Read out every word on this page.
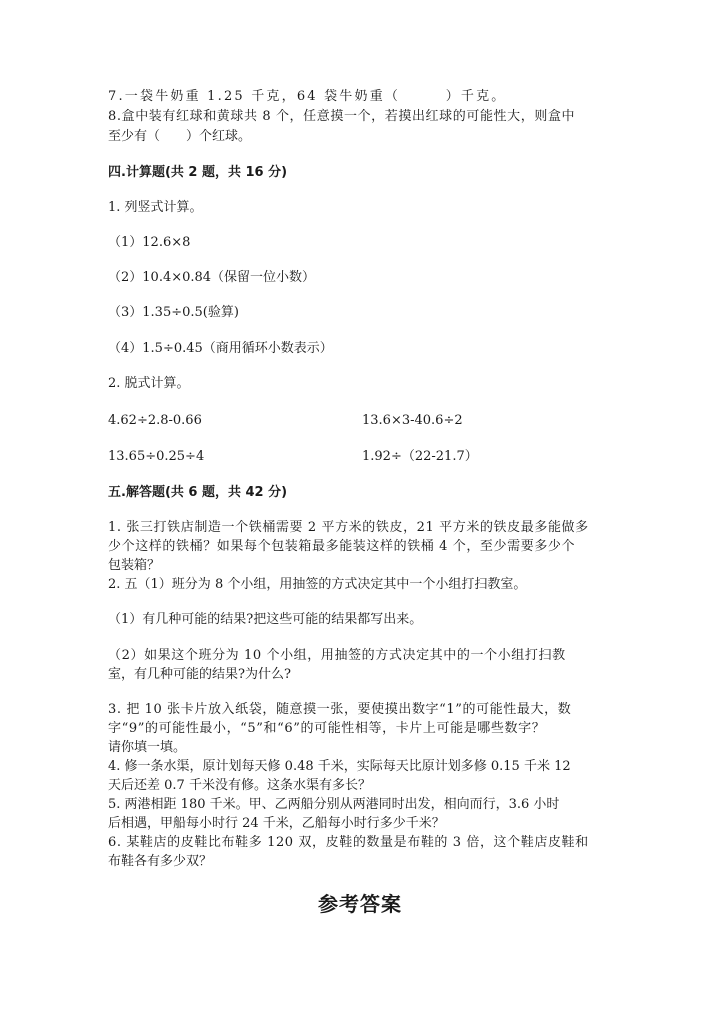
7.一袋牛奶重 1.25 千克，64 袋牛奶重（　　　）千克。
8.盒中装有红球和黄球共 8 个，任意摸一个，若摸出红球的可能性大，则盒中
至少有（　　）个红球。
四.计算题(共 2 题，共 16 分)
1. 列竖式计算。
（1）12.6×8
（2）10.4×0.84（保留一位小数）
（3）1.35÷0.5(验算)
（4）1.5÷0.45（商用循环小数表示）
2. 脱式计算。
4.62÷2.8-0.66	13.6×3-40.6÷2
13.65÷0.25÷4	1.92÷（22-21.7）
五.解答题(共 6 题，共 42 分)
1. 张三打铁店制造一个铁桶需要 2 平方米的铁皮，21 平方米的铁皮最多能做多
少个这样的铁桶？如果每个包装箱最多能装这样的铁桶 4 个，至少需要多少个
包装箱？
2. 五（1）班分为 8 个小组，用抽签的方式决定其中一个小组打扫教室。
（1）有几种可能的结果?把这些可能的结果都写出来。
（2）如果这个班分为 10 个小组，用抽签的方式决定其中的一个小组打扫教
室，有几种可能的结果?为什么?
3. 把 10 张卡片放入纸袋，随意摸一张，要使摸出数字“1”的可能性最大，数
字“9”的可能性最小，“5”和“6”的可能性相等，卡片上可能是哪些数字？
请你填一填。
4. 修一条水渠，原计划每天修 0.48 千米，实际每天比原计划多修 0.15 千米 12
天后还差 0.7 千米没有修。这条水渠有多长？
5. 两港相距 180 千米。甲、乙两船分别从两港同时出发，相向而行，3.6 小时
后相遇，甲船每小时行 24 千米，乙船每小时行多少千米？
6. 某鞋店的皮鞋比布鞋多 120 双，皮鞋的数量是布鞋的 3 倍，这个鞋店皮鞋和
布鞋各有多少双？
参考答案
